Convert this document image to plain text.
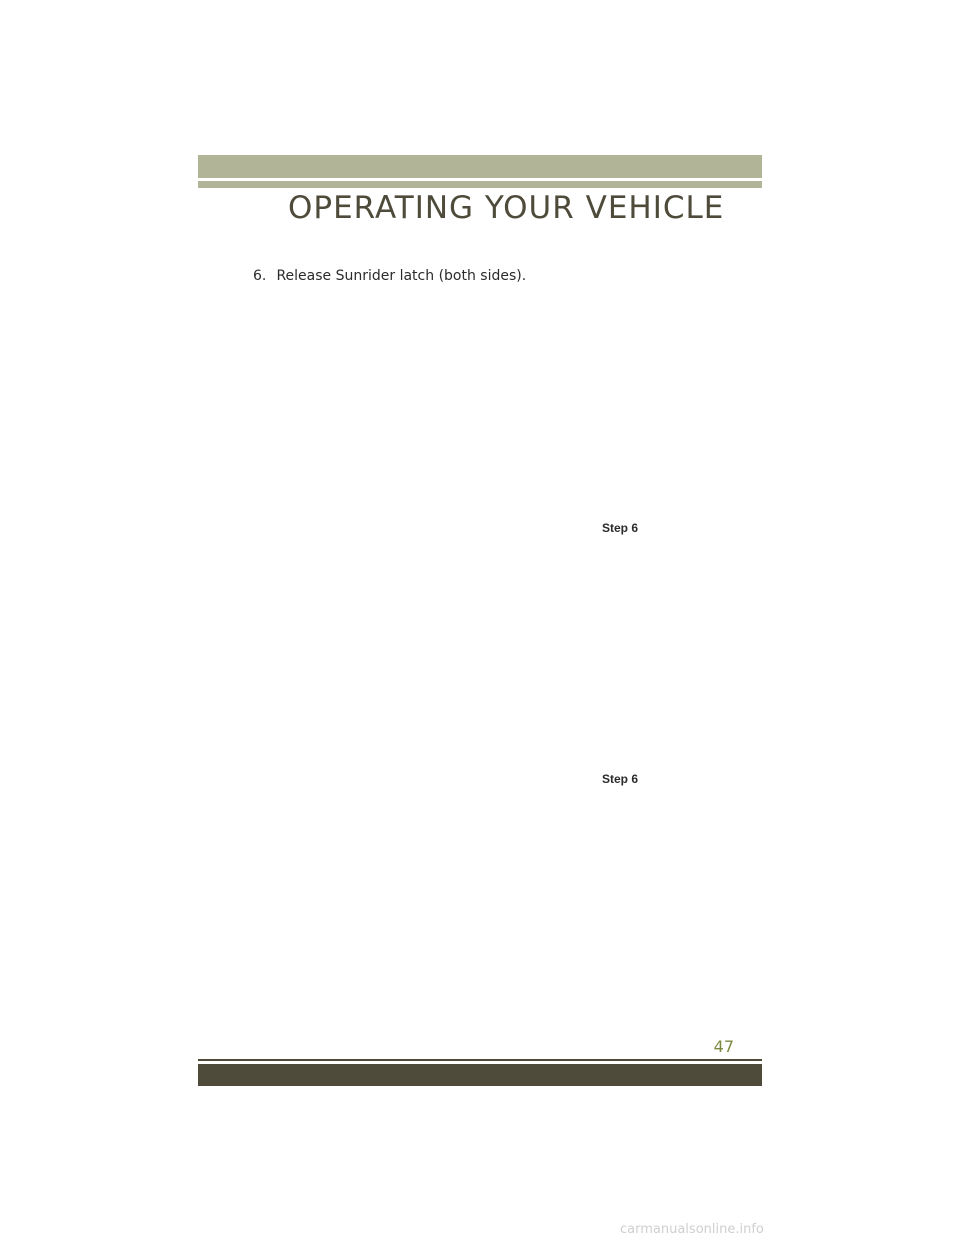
OPERATING YOUR VEHICLE
6. Release Sunrider latch (both sides).
Step 6
Step 6
47
carmanualsonline.info
